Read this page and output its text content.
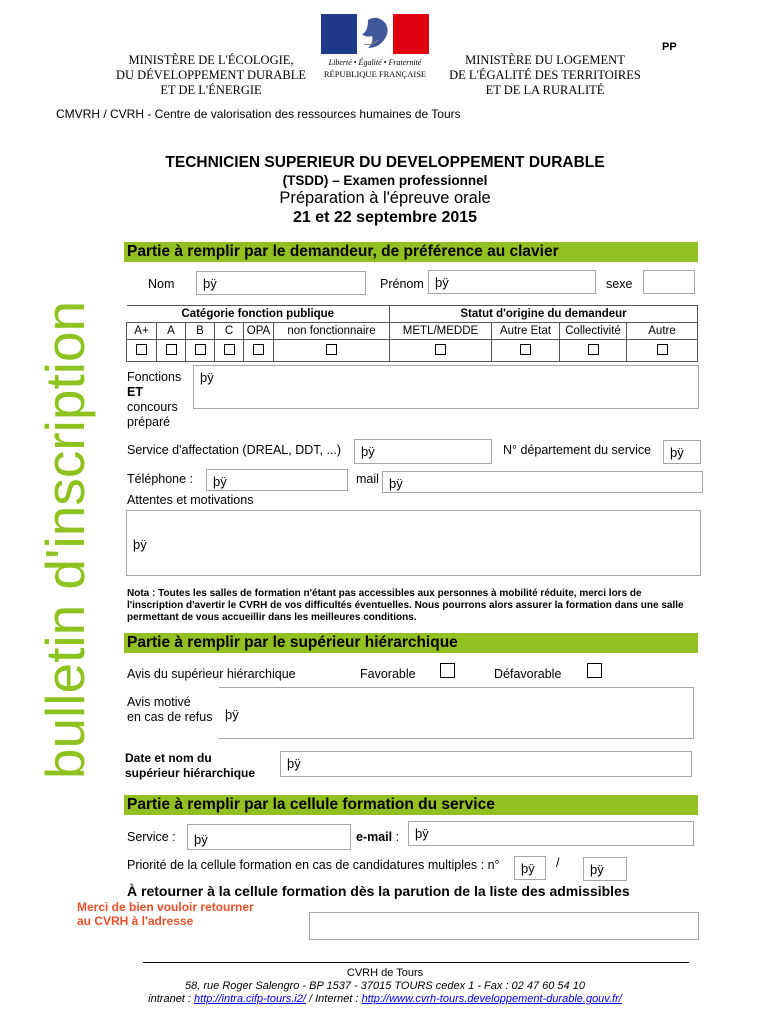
PP
MINISTÈRE DE L'ÉCOLOGIE,
DU DÉVELOPPEMENT DURABLE
ET DE L'ÉNERGIE
Liberté • Égalité • Fraternité
RÉPUBLIQUE FRANÇAISE
MINISTÈRE DU LOGEMENT
DE L'ÉGALITÉ DES TERRITOIRES
ET DE LA RURALITÉ
CMVRH / CVRH - Centre de valorisation des ressources humaines de Tours
bulletin d'inscription
TECHNICIEN SUPERIEUR DU DEVELOPPEMENT DURABLE
(TSDD) – Examen professionnel
Préparation à l'épreuve orale
21 et 22 septembre 2015
Partie à remplir par le demandeur, de préférence au clavier
Nom	þÿ	Prénom þÿ	sexe
Catégorie fonction publique						Statut d'origine du demandeur			
A+	A	B	C	OPA	non fonctionnaire	METL/MEDDE	Autre Etat	Collectivité	Autre

Fonctions
ET
concours
préparé
þÿ
Service d'affectation (DREAL, DDT, ...)	þÿ	N° département du service	þÿ
Téléphone :	þÿ	mail þÿ
Attentes et motivations
þÿ
Nota : Toutes les salles de formation n'étant pas accessibles aux personnes à mobilité réduite, merci lors de l'inscription d'avertir le CVRH de vos difficultés éventuelles. Nous pourrons alors assurer la formation dans une salle permettant de vous accueillir dans les meilleures conditions.
Partie à remplir par le supérieur hiérarchique
Avis du supérieur hiérarchique	Favorable	Défavorable
Avis motivé
en cas de refus þÿ
Date et nom du
supérieur hiérarchique
þÿ
Partie à remplir par la cellule formation du service
Service :	þÿ	e-mail :	þÿ
Priorité de la cellule formation en cas de candidatures multiples : n°	þÿ	/	þÿ
À retourner à la cellule formation dès la parution de la liste des admissibles
Merci de bien vouloir retourner
au CVRH à l'adresse
CVRH de Tours
58, rue Roger Salengro - BP 1537 - 37015 TOURS cedex 1 - Fax : 02 47 60 54 10
intranet : http://intra.cifp-tours.i2/ / Internet : http://www.cvrh-tours.developpement-durable.gouv.fr/
